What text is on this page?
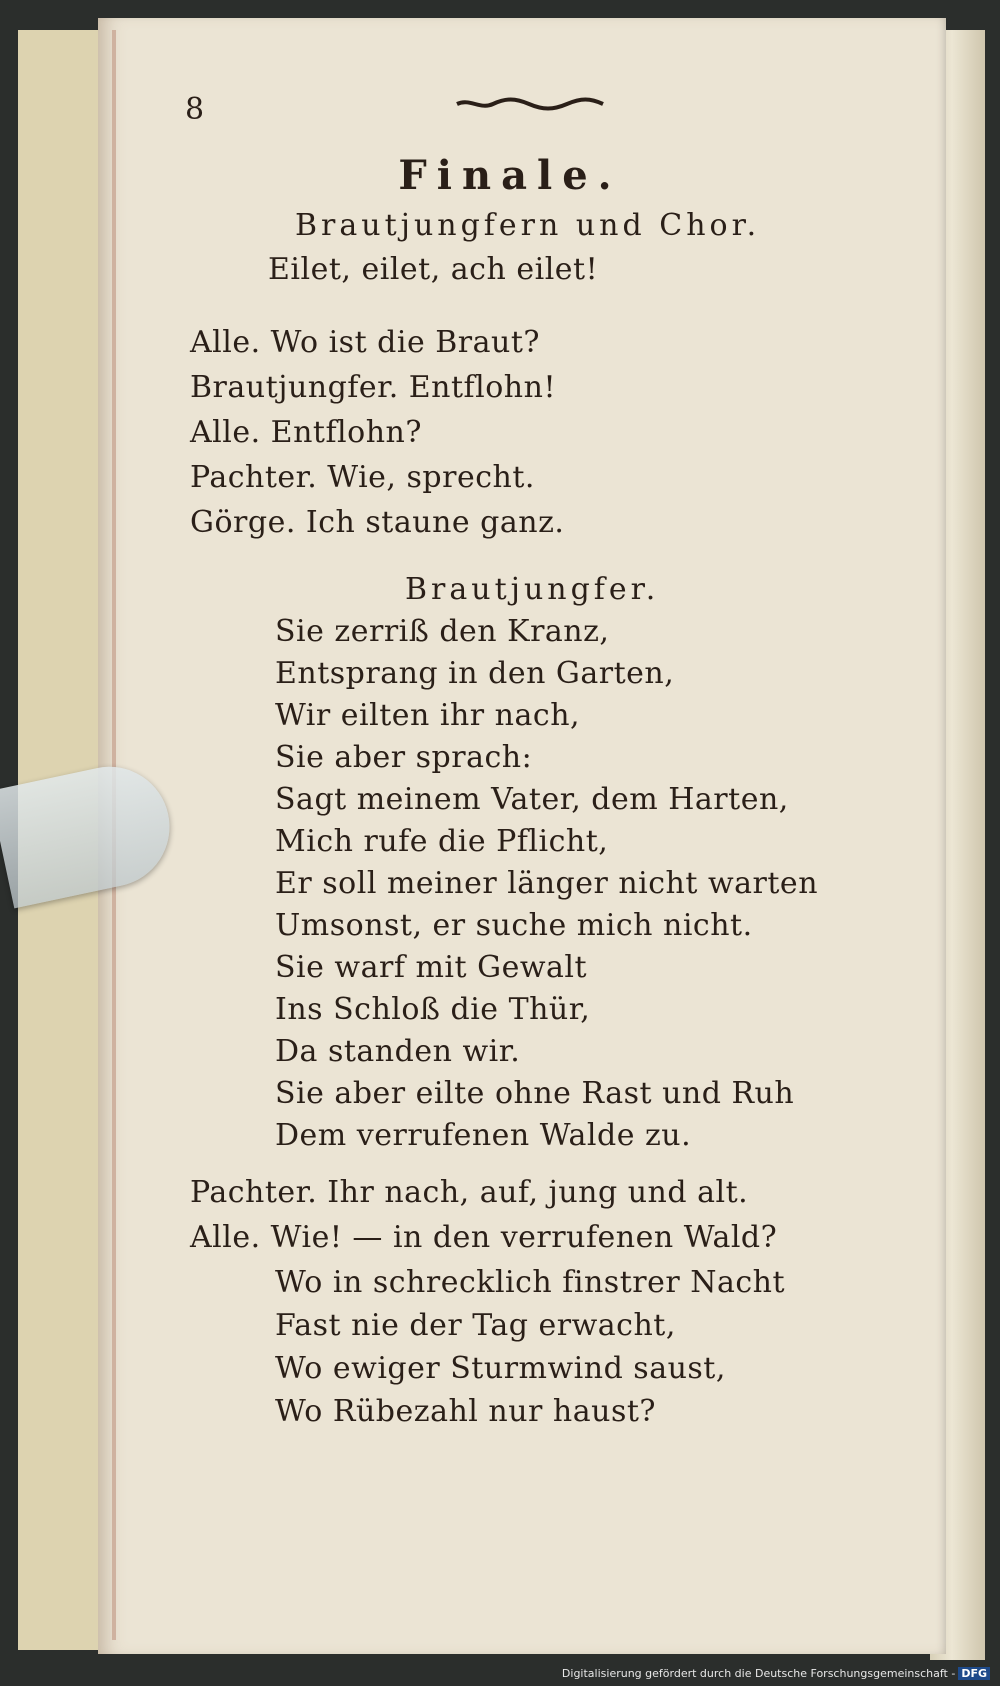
8
Finale.
Brautjungfern und Chor.
Eilet, eilet, ach eilet!
Alle. Wo ist die Braut?
Brautjungfer. Entflohn!
Alle. Entflohn?
Pachter. Wie, sprecht.
Görge. Ich staune ganz.
Brautjungfer.
Sie zerriß den Kranz,
Entsprang in den Garten,
Wir eilten ihr nach,
Sie aber sprach:
Sagt meinem Vater, dem Harten,
Mich rufe die Pflicht,
Er soll meiner länger nicht warten
Umsonst, er suche mich nicht.
Sie warf mit Gewalt
Ins Schloß die Thür,
Da standen wir.
Sie aber eilte ohne Rast und Ruh
Dem verrufenen Walde zu.
Pachter. Ihr nach, auf, jung und alt.
Alle. Wie! — in den verrufenen Wald?
Wo in schrecklich finstrer Nacht
Fast nie der Tag erwacht,
Wo ewiger Sturmwind saust,
Wo Rübezahl nur haust?
Digitalisierung gefördert durch die Deutsche Forschungsgemeinschaft - DFG
